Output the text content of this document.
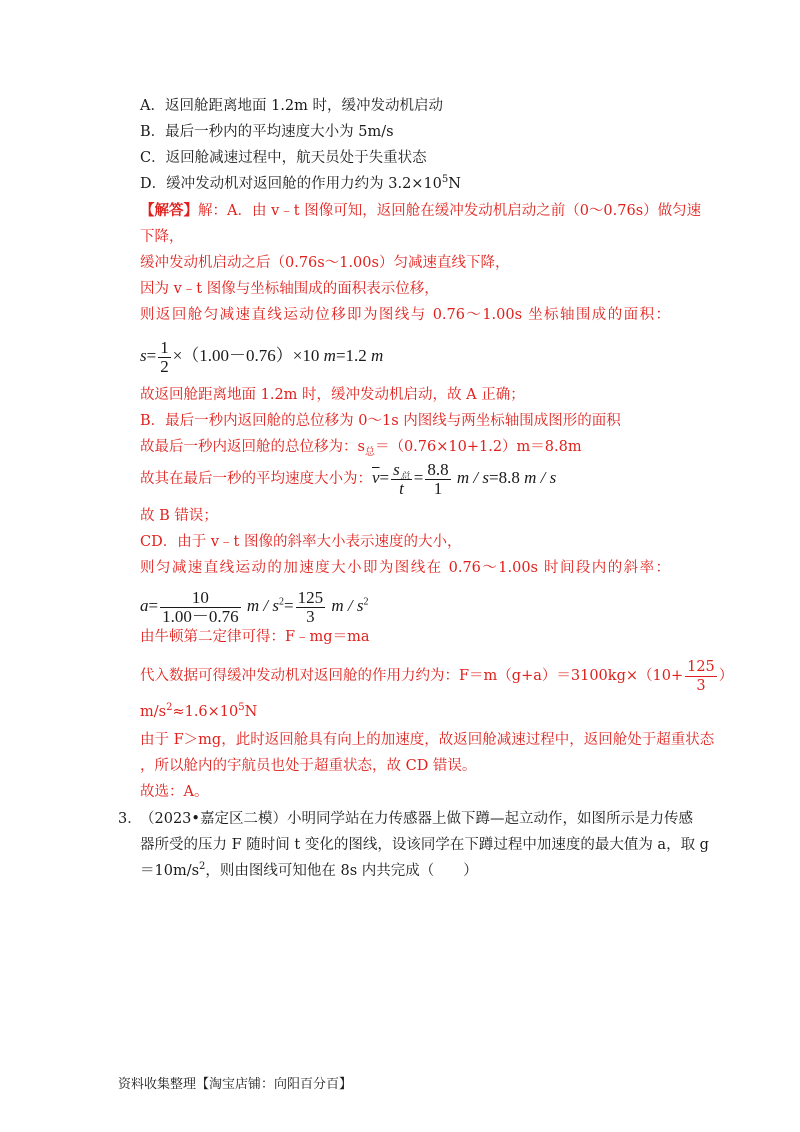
A．返回舱距离地面 1.2m 时，缓冲发动机启动
B．最后一秒内的平均速度大小为 5m/s
C．返回舱减速过程中，航天员处于失重状态
D．缓冲发动机对返回舱的作用力约为 $3.2\times 10^5N$
【解答】解：A．由 v﹣t 图像可知，返回舱在缓冲发动机启动之前（0～0.76s）做匀速
下降，
缓冲发动机启动之后（0.76s～1.00s）匀减速直线下降，
因为 v﹣t 图像与坐标轴围成的面积表示位移，
则返回舱匀减速直线运动位移即为图线与 0.76～1.00s 坐标轴围成的面积：
$s= \frac{1}{2} \times(1.00-0.76)\times 10$ m=1.2 m
故返回舱距离地面 1.2m 时，缓冲发动机启动，故 A 正确；
B．最后一秒内返回舱的总位移为 0～1s 内图线与两坐标轴围成图形的面积
故最后一秒内返回舱的总位移为：$s_总=(0.76\times 10+1.2)m=8.8m$
故其在最后一秒的平均速度大小为：$\overline{v}= \frac{s_总}{t} = \frac{8.8}{1}$ m / s=8.8 m / s
故 B 错误；
CD．由于 v﹣t 图像的斜率大小表示速度的大小，
则匀减速直线运动的加速度大小即为图线在 0.76～1.00s 时间段内的斜率：
$a= \frac{10}{1.00-0.76}$ $m / s^2= \frac{125}{3}$ m / $s^2$
由牛顿第二定律可得：F﹣mg＝ma
代入数据可得缓冲发动机对返回舱的作用力约为：$F=m(g+a)=3100kg\times(10+ \frac{125}{3}$ ）
$m/s^2\approx 1.6\times 10^5N$
由于 F＞mg，此时返回舱具有向上的加速度，故返回舱减速过程中，返回舱处于超重状态
，所以舱内的宇航员也处于超重状态，故 CD 错误。
故选：A。
3．
（2023•嘉定区二模）小明同学站在力传感器上做下蹲—起立动作，如图所示是力传感
器所受的压力 F 随时间 t 变化的图线，设该同学在下蹲过程中加速度的最大值为 a，取 g
$=10m/s^2$，则由图线可知他在 8s 内共完成（　　）
资料收集整理【淘宝店铺：向阳百分百】
